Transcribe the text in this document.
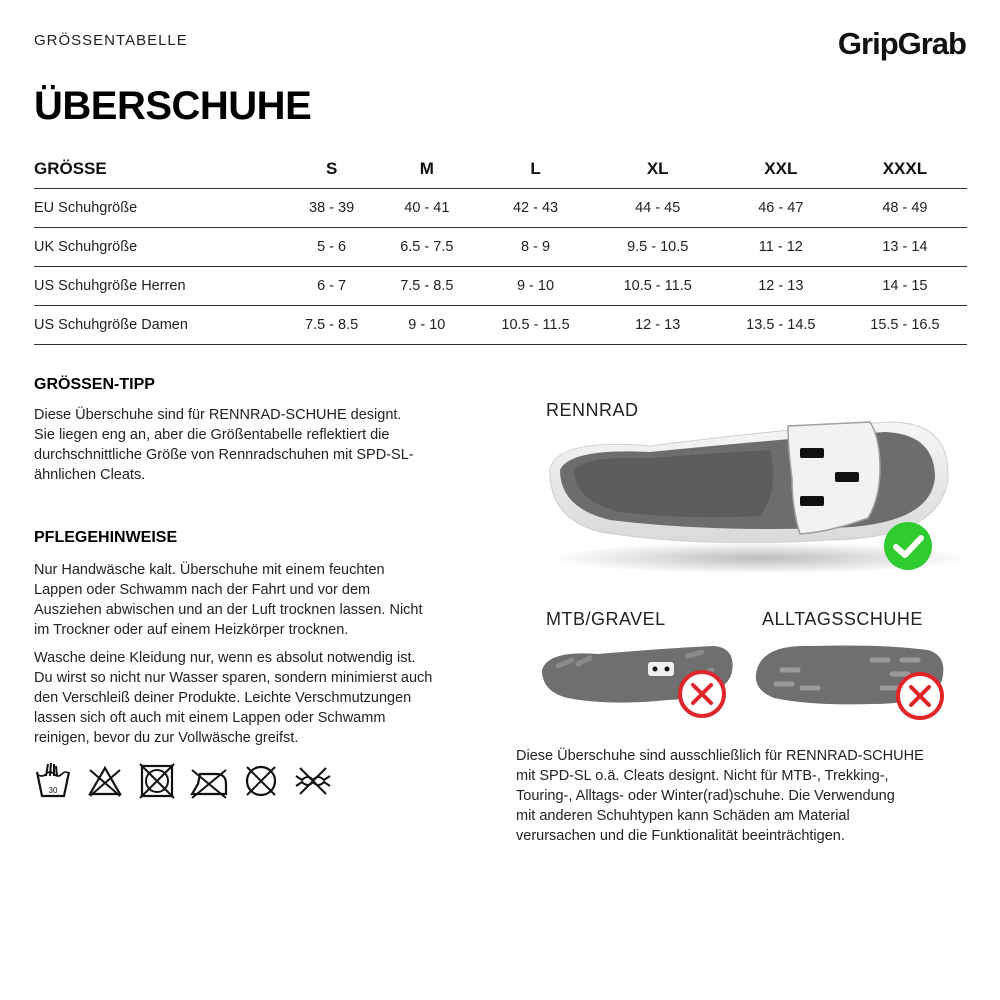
GRÖSSENTABELLE	GripGrab
ÜBERSCHUHE
GRÖSSE	S	M	L	XL	XXL	XXXL
EU Schuhgröße	38 - 39	40 - 41	42 - 43	44 - 45	46 - 47	48 - 49
UK Schuhgröße	5 - 6	6.5 - 7.5	8 - 9	9.5 - 10.5	11 - 12	13 - 14
US Schuhgröße Herren	6 - 7	7.5 - 8.5	9 - 10	10.5 - 11.5	12 - 13	14 - 15
US Schuhgröße Damen	7.5 - 8.5	9 - 10	10.5 - 11.5	12 - 13	13.5 - 14.5	15.5 - 16.5
GRÖSSEN-TIPP
Diese Überschuhe sind für RENNRAD-SCHUHE designt.
Sie liegen eng an, aber die Größentabelle reflektiert die
durchschnittliche Größe von Rennradschuhen mit SPD-SL-
ähnlichen Cleats.
PFLEGEHINWEISE
Nur Handwäsche kalt. Überschuhe mit einem feuchten
Lappen oder Schwamm nach der Fahrt und vor dem
Ausziehen abwischen und an der Luft trocknen lassen. Nicht
im Trockner oder auf einem Heizkörper trocknen.
Wasche deine Kleidung nur, wenn es absolut notwendig ist.
Du wirst so nicht nur Wasser sparen, sondern minimierst auch
den Verschleiß deiner Produkte. Leichte Verschmutzungen
lassen sich oft auch mit einem Lappen oder Schwamm
reinigen, bevor du zur Vollwäsche greifst.
30
RENNRAD
MTB/GRAVEL	ALLTAGSSCHUHE
Diese Überschuhe sind ausschließlich für RENNRAD-SCHUHE
mit SPD-SL o.ä. Cleats designt. Nicht für MTB-, Trekking-,
Touring-, Alltags- oder Winter(rad)schuhe. Die Verwendung
mit anderen Schuhtypen kann Schäden am Material
verursachen und die Funktionalität beeinträchtigen.
